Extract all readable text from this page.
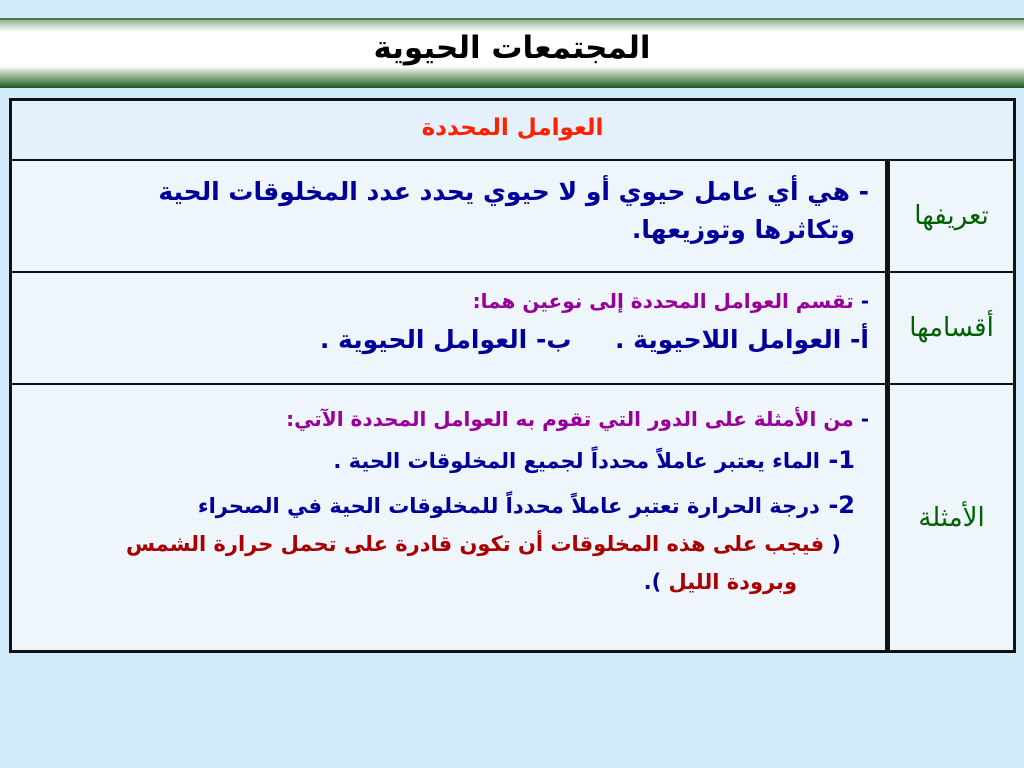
المجتمعات الحيوية
العوامل المحددة
تعريفها
- هي أي عامل حيوي أو لا حيوي يحدد عدد المخلوقات الحية
وتكاثرها وتوزيعها.
أقسامها
- تقسم العوامل المحددة إلى نوعين هما:
أ- العوامل اللاحيوية .     ب- العوامل الحيوية .
الأمثلة
- من الأمثلة على الدور التي تقوم به العوامل المحددة الآتي:
1- الماء يعتبر عاملاً محدداً لجميع المخلوقات الحية .
2- درجة الحرارة تعتبر عاملاً محدداً للمخلوقات الحية في الصحراء
( فيجب على هذه المخلوقات أن تكون قادرة على تحمل حرارة الشمس
وبرودة الليل ).
